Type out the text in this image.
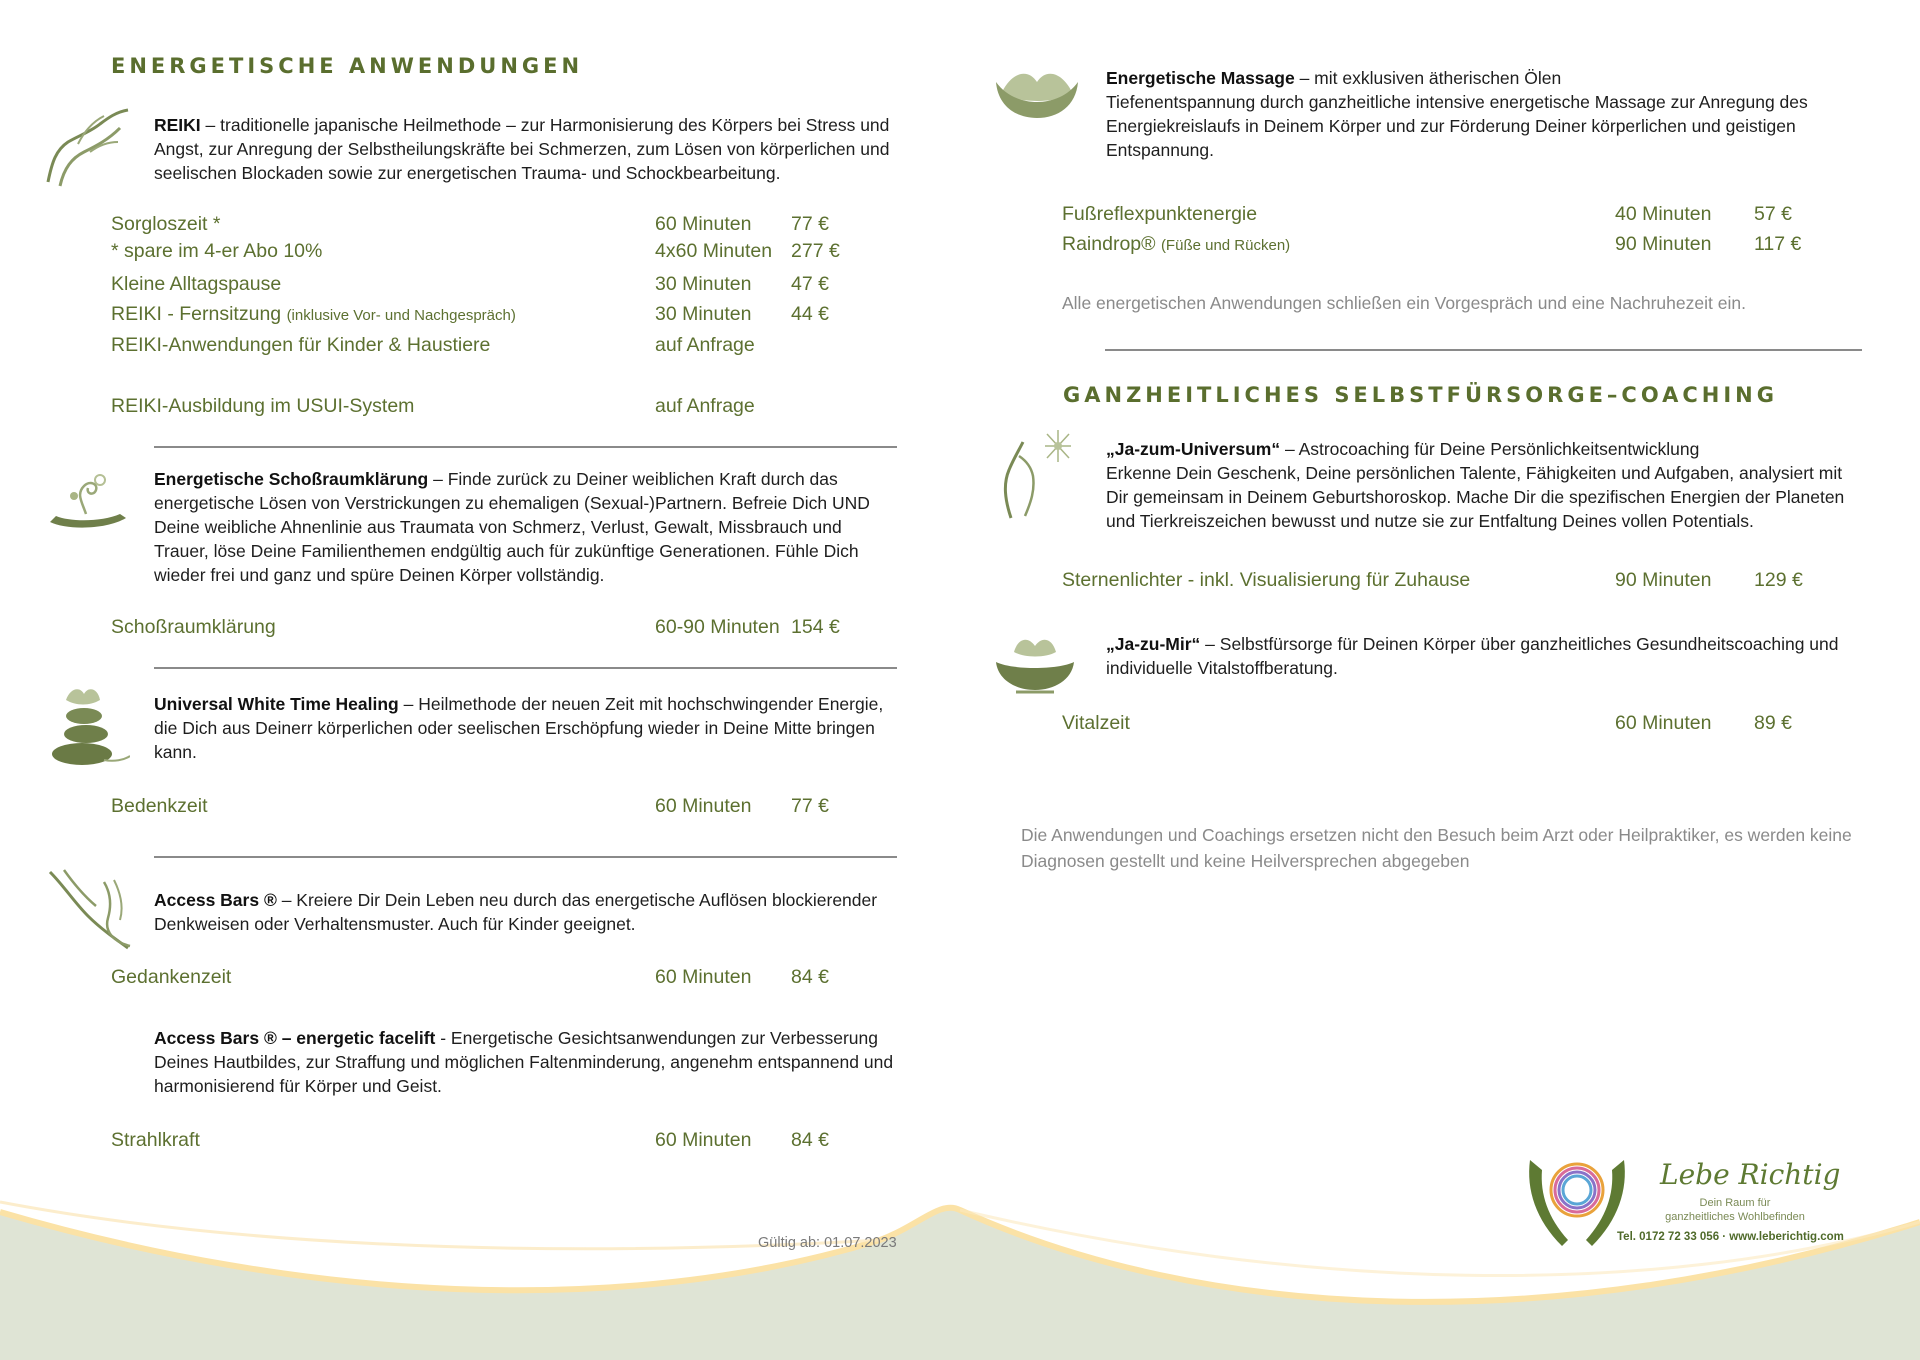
ENERGETISCHE ANWENDUNGEN
REIKI – traditionelle japanische Heilmethode – zur Harmonisierung des Körpers bei Stress und Angst, zur Anregung der Selbstheilungskräfte bei Schmerzen, zum Lösen von körperlichen und seelischen Blockaden sowie zur energetischen Trauma- und Schockbearbeitung.
Sorgloszeit *	60 Minuten 77 €
* spare im 4-er Abo 10%	4x60 Minuten 277 €
Kleine Alltagspause	30 Minuten 47 €
REIKI - Fernsitzung (inklusive Vor- und Nachgespräch)	30 Minuten 44 €
REIKI-Anwendungen für Kinder & Haustiere	auf Anfrage
REIKI-Ausbildung im USUI-System	auf Anfrage
Energetische Schoßraumklärung – Finde zurück zu Deiner weiblichen Kraft durch das energetische Lösen von Verstrickungen zu ehemaligen (Sexual-)Partnern. Befreie Dich UND Deine weibliche Ahnenlinie aus Traumata von Schmerz, Verlust, Gewalt, Missbrauch und Trauer, löse Deine Familienthemen endgültig auch für zukünftige Generationen. Fühle Dich wieder frei und ganz und spüre Deinen Körper vollständig.
Schoßraumklärung	60-90 Minuten 154 €
Universal White Time Healing – Heilmethode der neuen Zeit mit hochschwingender Energie, die Dich aus Deinerr körperlichen oder seelischen Erschöpfung wieder in Deine Mitte bringen kann.
Bedenkzeit	60 Minuten 77 €
Access Bars ® – Kreiere Dir Dein Leben neu durch das energetische Auflösen blockierender Denkweisen oder Verhaltensmuster. Auch für Kinder geeignet.
Gedankenzeit	60 Minuten 84 €
Access Bars ® – energetic facelift - Energetische Gesichtsanwendungen zur Verbesserung Deines Hautbildes, zur Straffung und möglichen Faltenminderung, angenehm entspannend und harmonisierend für Körper und Geist.
Strahlkraft	60 Minuten 84 €
Gültig ab: 01.07.2023
Energetische Massage – mit exklusiven ätherischen Ölen
Tiefenentspannung durch ganzheitliche intensive energetische Massage zur Anregung des Energiekreislaufs in Deinem Körper und zur Förderung Deiner körperlichen und geistigen Entspannung.
Fußreflexpunktenergie	40 Minuten 57 €
Raindrop® (Füße und Rücken)	90 Minuten 117 €
Alle energetischen Anwendungen schließen ein Vorgespräch und eine Nachruhezeit ein.
GANZHEITLICHES SELBSTFÜRSORGE–COACHING
„Ja-zum-Universum“ – Astrocoaching für Deine Persönlichkeitsentwicklung
Erkenne Dein Geschenk, Deine persönlichen Talente, Fähigkeiten und Aufgaben, analysiert mit Dir gemeinsam in Deinem Geburtshoroskop. Mache Dir die spezifischen Energien der Planeten und Tierkreiszeichen bewusst und nutze sie zur Entfaltung Deines vollen Potentials.
Sternenlichter - inkl. Visualisierung für Zuhause	90 Minuten 129 €
„Ja-zu-Mir“ – Selbstfürsorge für Deinen Körper über ganzheitliches Gesundheitscoaching und individuelle Vitalstoffberatung.
Vitalzeit	60 Minuten 89 €
Die Anwendungen und Coachings ersetzen nicht den Besuch beim Arzt oder Heilpraktiker, es werden keine Diagnosen gestellt und keine Heilversprechen abgegeben
Lebe Richtig
Dein Raum für
ganzheitliches Wohlbefinden
Tel. 0172 72 33 056 · www.leberichtig.com
